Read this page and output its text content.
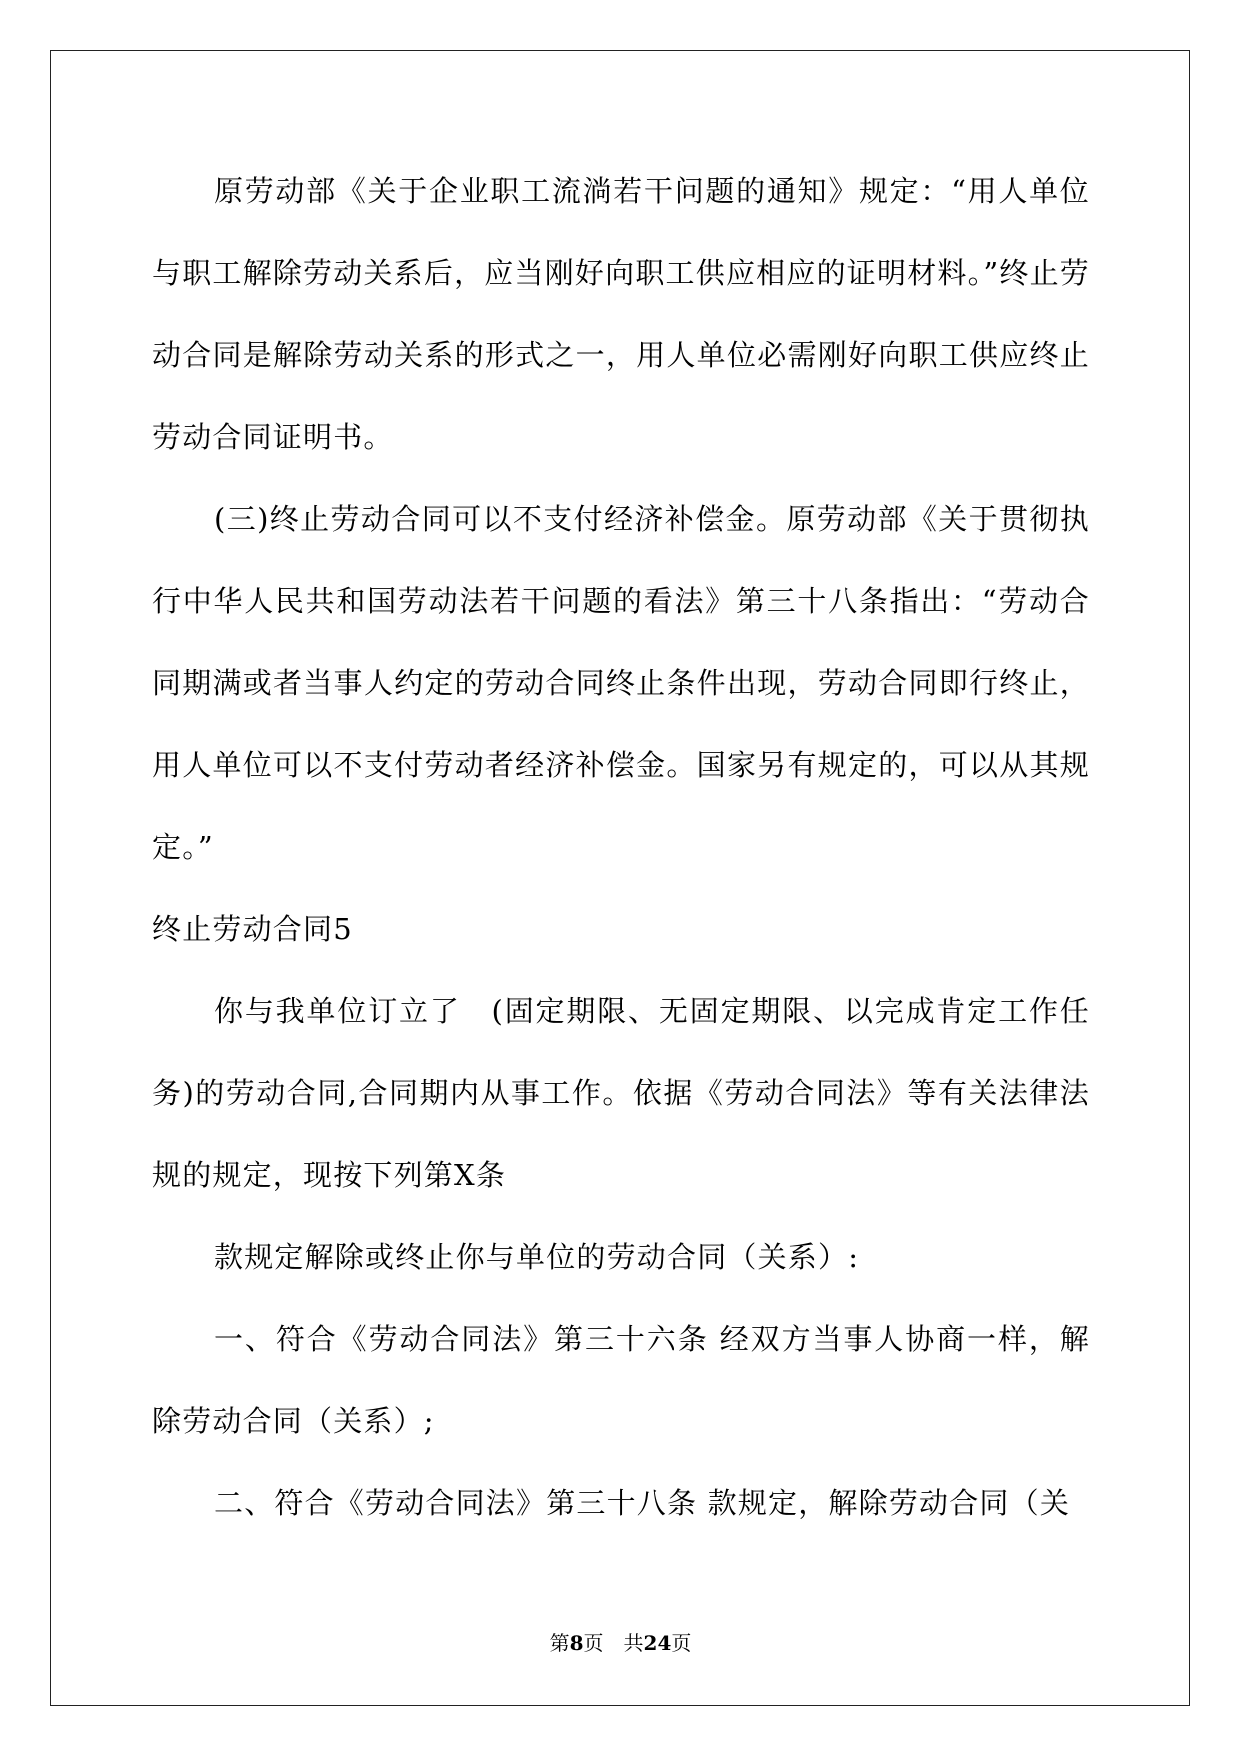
原劳动部《关于企业职工流淌若干问题的通知》规定：“用人单位与职工解除劳动关系后，应当刚好向职工供应相应的证明材料。”终止劳动合同是解除劳动关系的形式之一，用人单位必需刚好向职工供应终止劳动合同证明书。

(三)终止劳动合同可以不支付经济补偿金。原劳动部《关于贯彻执行中华人民共和国劳动法若干问题的看法》第三十八条指出：“劳动合同期满或者当事人约定的劳动合同终止条件出现，劳动合同即行终止，用人单位可以不支付劳动者经济补偿金。国家另有规定的，可以从其规定。”

终止劳动合同5

你与我单位订立了　(固定期限、无固定期限、以完成肯定工作任务)的劳动合同,合同期内从事工作。依据《劳动合同法》等有关法律法规的规定，现按下列第X条

款规定解除或终止你与单位的劳动合同（关系）:

一、符合《劳动合同法》第三十六条 经双方当事人协商一样，解除劳动合同（关系）;

二、符合《劳动合同法》第三十八条 款规定，解除劳动合同（关

第8页 共24页
